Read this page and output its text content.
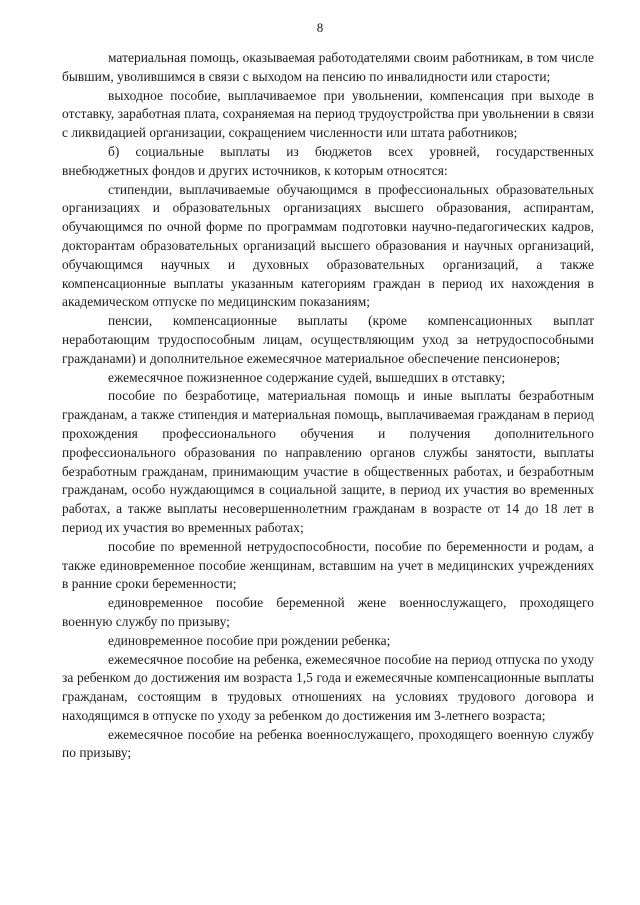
8

материальная помощь, оказываемая работодателями своим работникам, в том числе бывшим, уволившимся в связи с выходом на пенсию по инвалидности или старости;

выходное пособие, выплачиваемое при увольнении, компенсация при выходе в отставку, заработная плата, сохраняемая на период трудоустройства при увольнении в связи с ликвидацией организации, сокращением численности или штата работников;

б) социальные выплаты из бюджетов всех уровней, государственных внебюджетных фондов и других источников, к которым относятся:

стипендии, выплачиваемые обучающимся в профессиональных образовательных организациях и образовательных организациях высшего образования, аспирантам, обучающимся по очной форме по программам подготовки научно-педагогических кадров, докторантам образовательных организаций высшего образования и научных организаций, обучающимся научных и духовных образовательных организаций, а также компенсационные выплаты указанным категориям граждан в период их нахождения в академическом отпуске по медицинским показаниям;

пенсии, компенсационные выплаты (кроме компенсационных выплат неработающим трудоспособным лицам, осуществляющим уход за нетрудоспособными гражданами) и дополнительное ежемесячное материальное обеспечение пенсионеров;

ежемесячное пожизненное содержание судей, вышедших в отставку;

пособие по безработице, материальная помощь и иные выплаты безработным гражданам, а также стипендия и материальная помощь, выплачиваемая гражданам в период прохождения профессионального обучения и получения дополнительного профессионального образования по направлению органов службы занятости, выплаты безработным гражданам, принимающим участие в общественных работах, и безработным гражданам, особо нуждающимся в социальной защите, в период их участия во временных работах, а также выплаты несовершеннолетним гражданам в возрасте от 14 до 18 лет в период их участия во временных работах;

пособие по временной нетрудоспособности, пособие по беременности и родам, а также единовременное пособие женщинам, вставшим на учет в медицинских учреждениях в ранние сроки беременности;

единовременное пособие беременной жене военнослужащего, проходящего военную службу по призыву;

единовременное пособие при рождении ребенка;

ежемесячное пособие на ребенка, ежемесячное пособие на период отпуска по уходу за ребенком до достижения им возраста 1,5 года и ежемесячные компенсационные выплаты гражданам, состоящим в трудовых отношениях на условиях трудового договора и находящимся в отпуске по уходу за ребенком до достижения им 3-летнего возраста;

ежемесячное пособие на ребенка военнослужащего, проходящего военную службу по призыву;
